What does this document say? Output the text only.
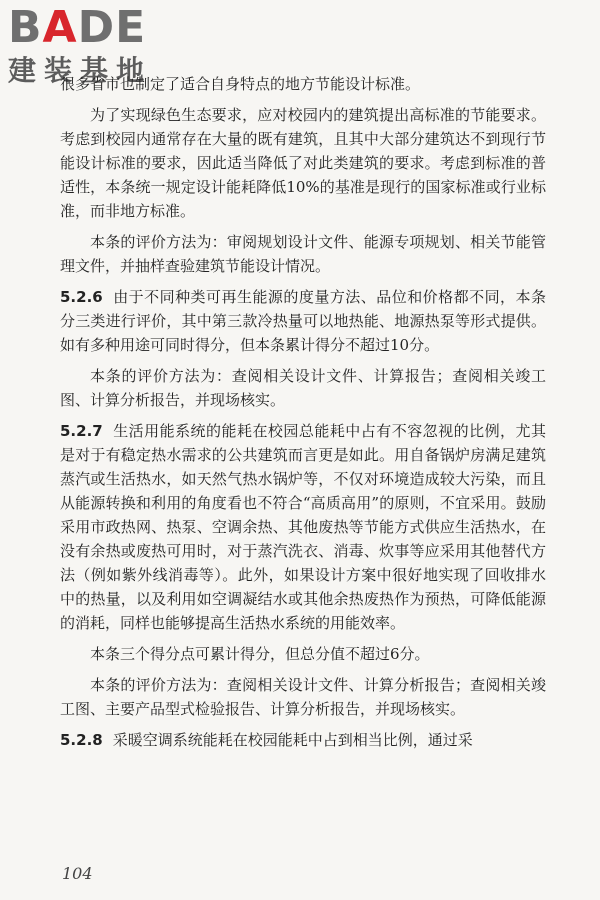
BADE
建装基地

很多省市也制定了适合自身特点的地方节能设计标准。

为了实现绿色生态要求，应对校园内的建筑提出高标准的节能要求。考虑到校园内通常存在大量的既有建筑，且其中大部分建筑达不到现行节能设计标准的要求，因此适当降低了对此类建筑的要求。考虑到标准的普适性，本条统一规定设计能耗降低10%的基准是现行的国家标准或行业标准，而非地方标准。

本条的评价方法为：审阅规划设计文件、能源专项规划、相关节能管理文件，并抽样查验建筑节能设计情况。

5.2.6 由于不同种类可再生能源的度量方法、品位和价格都不同，本条分三类进行评价，其中第三款冷热量可以地热能、地源热泵等形式提供。如有多种用途可同时得分，但本条累计得分不超过10分。

本条的评价方法为：查阅相关设计文件、计算报告；查阅相关竣工图、计算分析报告，并现场核实。

5.2.7 生活用能系统的能耗在校园总能耗中占有不容忽视的比例，尤其是对于有稳定热水需求的公共建筑而言更是如此。用自备锅炉房满足建筑蒸汽或生活热水，如天然气热水锅炉等，不仅对环境造成较大污染，而且从能源转换和利用的角度看也不符合“高质高用”的原则，不宜采用。鼓励采用市政热网、热泵、空调余热、其他废热等节能方式供应生活热水，在没有余热或废热可用时，对于蒸汽洗衣、消毒、炊事等应采用其他替代方法（例如紫外线消毒等）。此外，如果设计方案中很好地实现了回收排水中的热量，以及利用如空调凝结水或其他余热废热作为预热，可降低能源的消耗，同样也能够提高生活热水系统的用能效率。

本条三个得分点可累计得分，但总分值不超过6分。

本条的评价方法为：查阅相关设计文件、计算分析报告；查阅相关竣工图、主要产品型式检验报告、计算分析报告，并现场核实。

5.2.8 采暖空调系统能耗在校园能耗中占到相当比例，通过采

104
